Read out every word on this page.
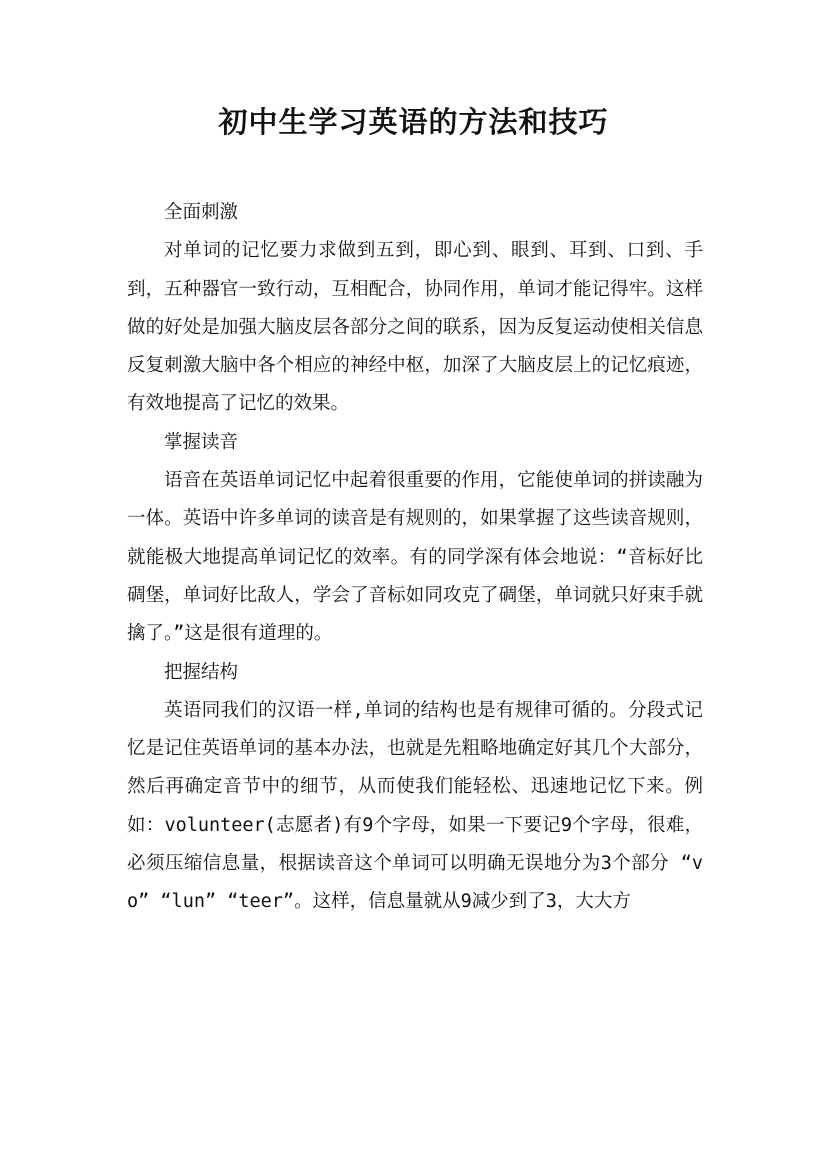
初中生学习英语的方法和技巧

全面刺激

对单词的记忆要力求做到五到，即心到、眼到、耳到、口到、手到，五种器官一致行动，互相配合，协同作用，单词才能记得牢。这样做的好处是加强大脑皮层各部分之间的联系，因为反复运动使相关信息反复刺激大脑中各个相应的神经中枢，加深了大脑皮层上的记忆痕迹，有效地提高了记忆的效果。

掌握读音

语音在英语单词记忆中起着很重要的作用，它能使单词的拼读融为一体。英语中许多单词的读音是有规则的，如果掌握了这些读音规则，就能极大地提高单词记忆的效率。有的同学深有体会地说：“音标好比碉堡，单词好比敌人，学会了音标如同攻克了碉堡，单词就只好束手就擒了。”这是很有道理的。

把握结构

英语同我们的汉语一样,单词的结构也是有规律可循的。分段式记忆是记住英语单词的基本办法，也就是先粗略地确定好其几个大部分，然后再确定音节中的细节，从而使我们能轻松、迅速地记忆下来。例如：volunteer(志愿者)有9个字母，如果一下要记9个字母，很难，必须压缩信息量，根据读音这个单词可以明确无误地分为3个部分 “vo” “lun” “teer”。这样，信息量就从9减少到了3，大大方
